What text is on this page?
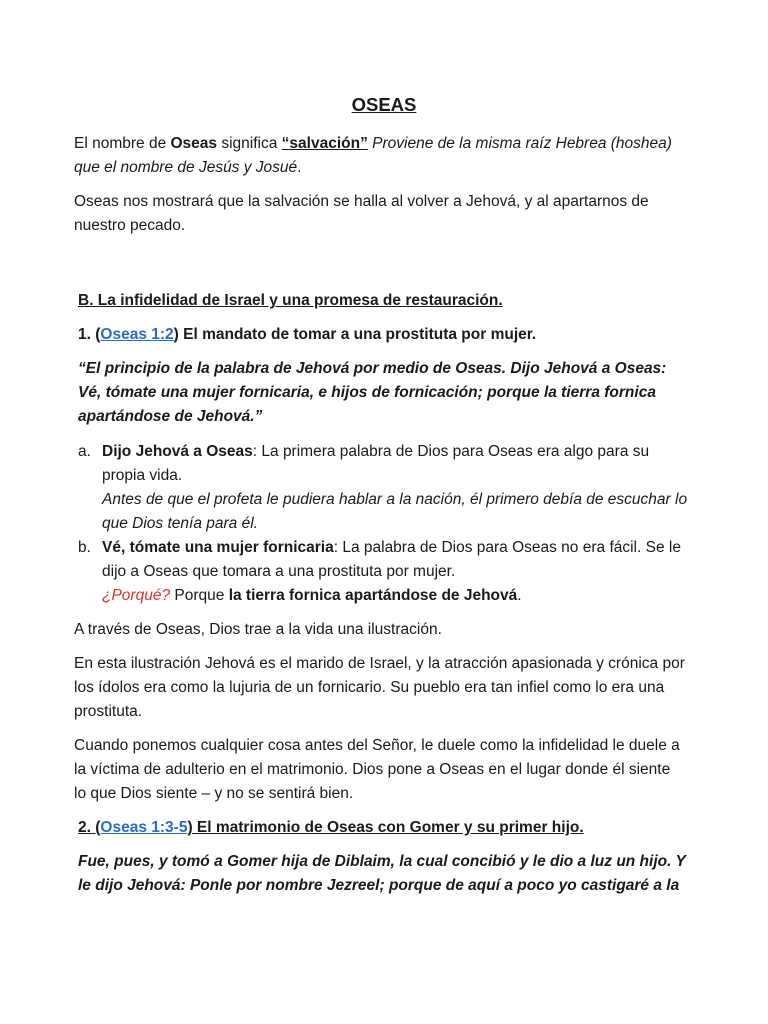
OSEAS

El nombre de Oseas significa “salvación” Proviene de la misma raíz Hebrea (hoshea) que el nombre de Jesús y Josué.

Oseas nos mostrará que la salvación se halla al volver a Jehová, y al apartarnos de nuestro pecado.

B. La infidelidad de Israel y una promesa de restauración.

1. (Oseas 1:2) El mandato de tomar a una prostituta por mujer.

“El principio de la palabra de Jehová por medio de Oseas. Dijo Jehová a Oseas: Vé, tómate una mujer fornicaria, e hijos de fornicación; porque la tierra fornica apartándose de Jehová.”

a. Dijo Jehová a Oseas: La primera palabra de Dios para Oseas era algo para su propia vida.
Antes de que el profeta le pudiera hablar a la nación, él primero debía de escuchar lo que Dios tenía para él.
b. Vé, tómate una mujer fornicaria: La palabra de Dios para Oseas no era fácil. Se le dijo a Oseas que tomara a una prostituta por mujer.
¿Porqué? Porque la tierra fornica apartándose de Jehová.

A través de Oseas, Dios trae a la vida una ilustración.

En esta ilustración Jehová es el marido de Israel, y la atracción apasionada y crónica por los ídolos era como la lujuria de un fornicario. Su pueblo era tan infiel como lo era una prostituta.

Cuando ponemos cualquier cosa antes del Señor, le duele como la infidelidad le duele a la víctima de adulterio en el matrimonio. Dios pone a Oseas en el lugar donde él siente lo que Dios siente – y no se sentirá bien.

2. (Oseas 1:3-5) El matrimonio de Oseas con Gomer y su primer hijo.

Fue, pues, y tomó a Gomer hija de Diblaim, la cual concibió y le dio a luz un hijo. Y le dijo Jehová: Ponle por nombre Jezreel; porque de aquí a poco yo castigaré a la
